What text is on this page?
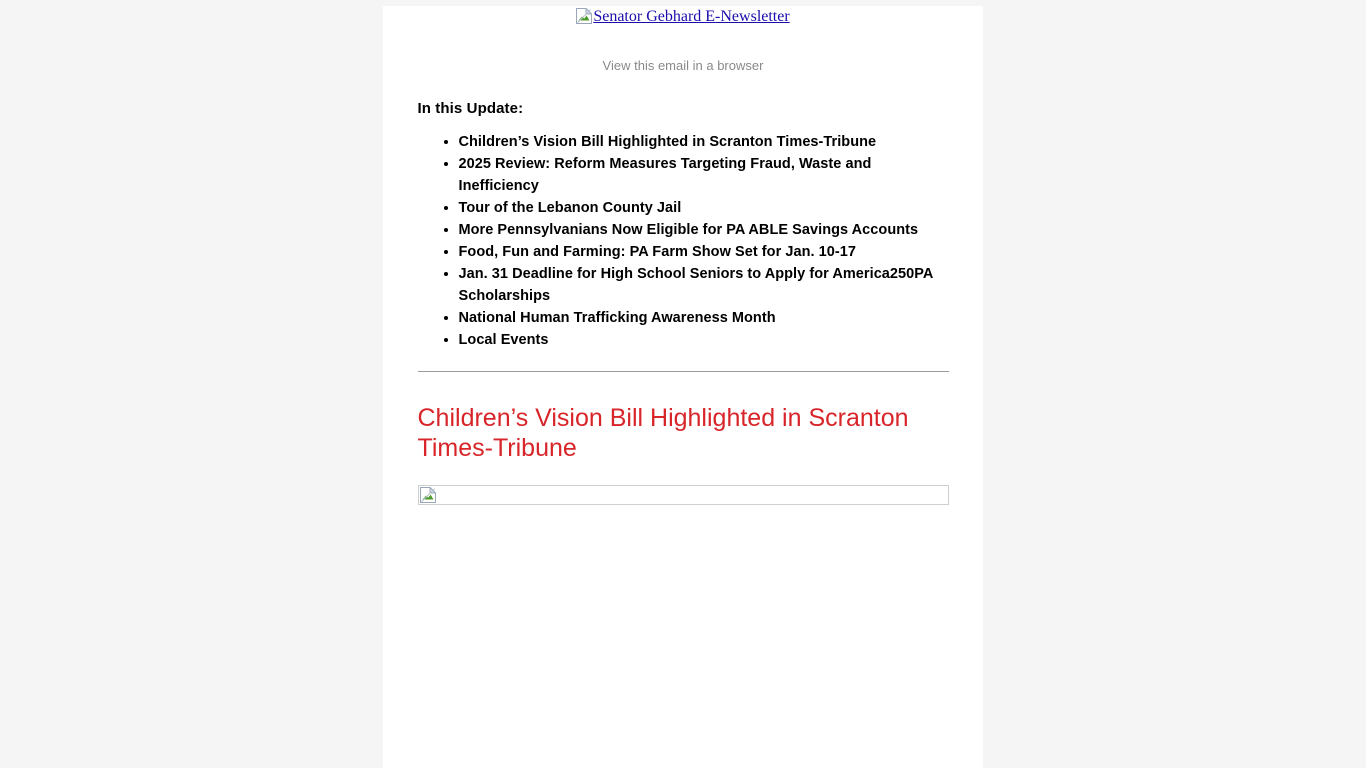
Senator Gebhard E-Newsletter
View this email in a browser
In this Update:
• Children’s Vision Bill Highlighted in Scranton Times-Tribune
• 2025 Review: Reform Measures Targeting Fraud, Waste and Inefficiency
• Tour of the Lebanon County Jail
• More Pennsylvanians Now Eligible for PA ABLE Savings Accounts
• Food, Fun and Farming: PA Farm Show Set for Jan. 10-17
• Jan. 31 Deadline for High School Seniors to Apply for America250PA Scholarships
• National Human Trafficking Awareness Month
• Local Events
Children’s Vision Bill Highlighted in Scranton Times-Tribune
